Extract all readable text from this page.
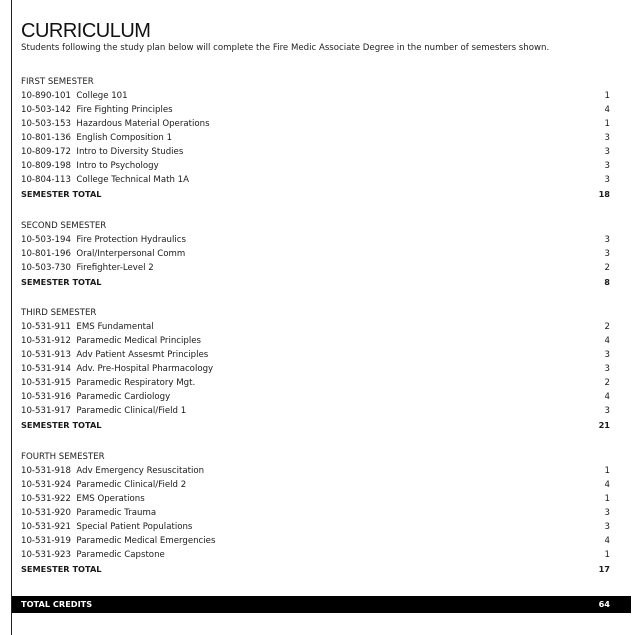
CURRICULUM
Students following the study plan below will complete the Fire Medic Associate Degree in the number of semesters shown.
FIRST SEMESTER
10-890-101 College 101	1
10-503-142 Fire Fighting Principles	4
10-503-153 Hazardous Material Operations	1
10-801-136 English Composition 1	3
10-809-172 Intro to Diversity Studies	3
10-809-198 Intro to Psychology	3
10-804-113 College Technical Math 1A	3
SEMESTER TOTAL	18
SECOND SEMESTER
10-503-194 Fire Protection Hydraulics	3
10-801-196 Oral/Interpersonal Comm	3
10-503-730 Firefighter-Level 2	2
SEMESTER TOTAL	8
THIRD SEMESTER
10-531-911 EMS Fundamental	2
10-531-912 Paramedic Medical Principles	4
10-531-913 Adv Patient Assesmt Principles	3
10-531-914 Adv. Pre-Hospital Pharmacology	3
10-531-915 Paramedic Respiratory Mgt.	2
10-531-916 Paramedic Cardiology	4
10-531-917 Paramedic Clinical/Field 1	3
SEMESTER TOTAL	21
FOURTH SEMESTER
10-531-918 Adv Emergency Resuscitation	1
10-531-924 Paramedic Clinical/Field 2	4
10-531-922 EMS Operations	1
10-531-920 Paramedic Trauma	3
10-531-921 Special Patient Populations	3
10-531-919 Paramedic Medical Emergencies	4
10-531-923 Paramedic Capstone	1
SEMESTER TOTAL	17
TOTAL CREDITS	64
